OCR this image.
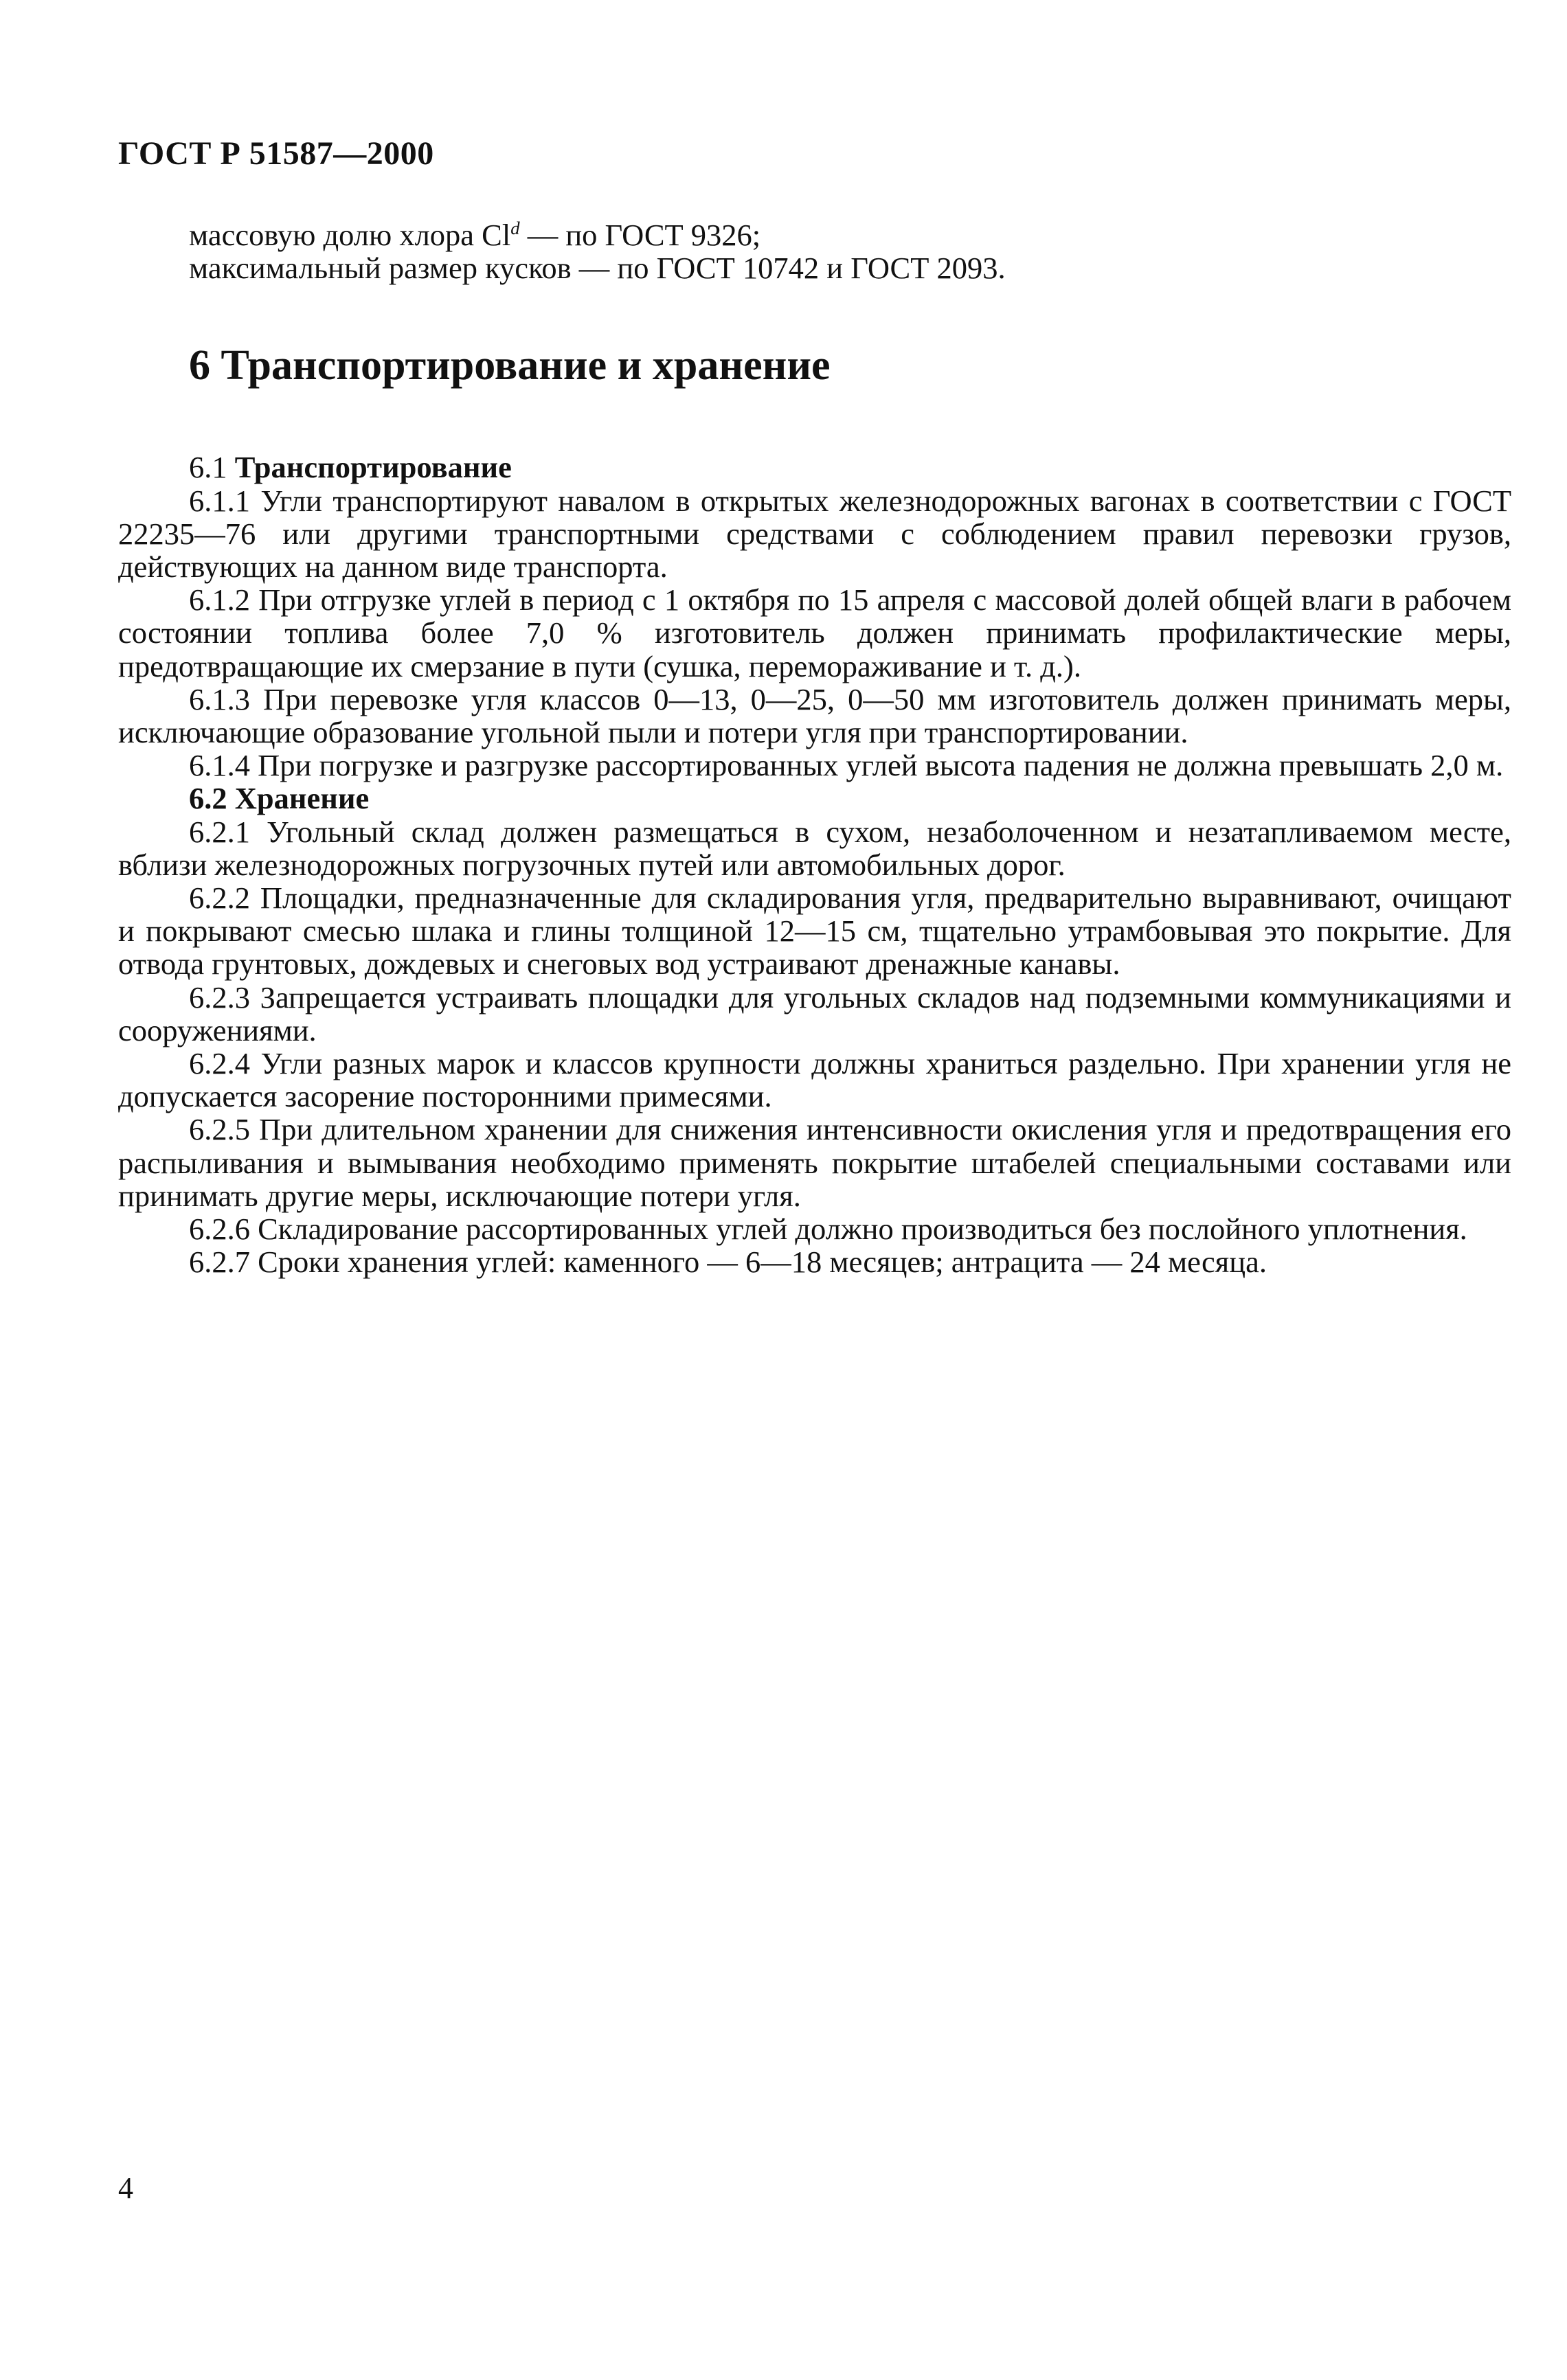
ГОСТ Р 51587—2000

массовую долю хлора Cl$^d$ — по ГОСТ 9326;

максимальный размер кусков — по ГОСТ 10742 и ГОСТ 2093.

6 Транспортирование и хранение

6.1 Транспортирование

6.1.1 Угли транспортируют навалом в открытых железнодорожных вагонах в соответствии с ГОСТ 22235—76 или другими транспортными средствами с соблюдением правил перевозки грузов, действующих на данном виде транспорта.

6.1.2 При отгрузке углей в период с 1 октября по 15 апреля с массовой долей общей влаги в рабочем состоянии топлива более 7,0 % изготовитель должен принимать профилактические меры, предотвращающие их смерзание в пути (сушка, перемораживание и т. д.).

6.1.3 При перевозке угля классов 0—13, 0—25, 0—50 мм изготовитель должен принимать меры, исключающие образование угольной пыли и потери угля при транспортировании.

6.1.4 При погрузке и разгрузке рассортированных углей высота падения не должна превышать 2,0 м.

6.2 Хранение

6.2.1 Угольный склад должен размещаться в сухом, незаболоченном и незатапливаемом месте, вблизи железнодорожных погрузочных путей или автомобильных дорог.

6.2.2 Площадки, предназначенные для складирования угля, предварительно выравнивают, очищают и покрывают смесью шлака и глины толщиной 12—15 см, тщательно утрамбовывая это покрытие. Для отвода грунтовых, дождевых и снеговых вод устраивают дренажные канавы.

6.2.3 Запрещается устраивать площадки для угольных складов над подземными коммуникациями и сооружениями.

6.2.4 Угли разных марок и классов крупности должны храниться раздельно. При хранении угля не допускается засорение посторонними примесями.

6.2.5 При длительном хранении для снижения интенсивности окисления угля и предотвращения его распыливания и вымывания необходимо применять покрытие штабелей специальными составами или принимать другие меры, исключающие потери угля.

6.2.6 Складирование рассортированных углей должно производиться без послойного уплотнения.

6.2.7 Сроки хранения углей: каменного — 6—18 месяцев; антрацита — 24 месяца.

4
